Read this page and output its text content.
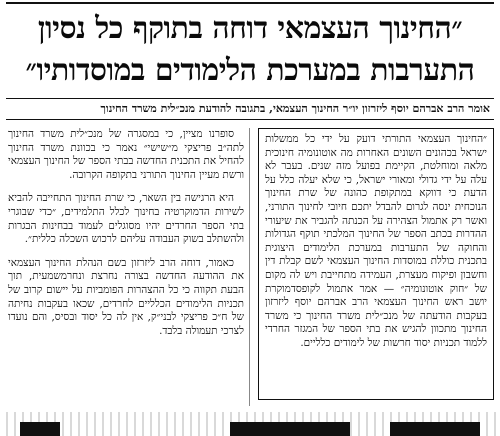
״החינוך העצמאי דוחה בתוקף כל נסיון
התערבות במערכת הלימודים במוסדותיו״
אומר הרב אברהם יוסף ליזרזון יו״ר החינוך העצמאי, בתגובה להודעת מנכ״לית משרד החינוך

״החינוך העצמאי התורתי דועק על ידי כל ממשלות ישראל בכהונים השונים האחרות מה אוטונומיה חינוכית מלאה ומוחלטת, הקיימת בפועל מזה שנים. בעבר לא עלה על ידי גדולי ומאורי ישראל, כי שלא יעלה כלל על הדעת כי דווקא במתקופת כהונה של שרת החינוך הנוכחית ינסה לגרום להבדל יתכם חיובי לחינוך התורני, ואשר רק אתמול הצהירה על הכנתה להגביר את שיעורי ההדרות בכתב הספר של החינוך המלכתי תוקף הגדולות והחוקה של התערבות במערכת הלימודים היצוגית בתכנית כוללת במוסדות החינוך העצמאי לשם קבלת דין וחשבון ופיקוח מעצרת, העמידה מתחייבת ויש לה מקום של ״חוק אוטונומיה״ — אמר אתמול לקופסדמוקרת יושב ראש החינוך העצמאי הרב אברהם יוסף ליזרזון בעקבות הודעתה של מנכ״לית משרד החינוך כי משרד החינוך מתכוון להגיש את בתי הספר של המגזר החרדי ללמוד תכניות יסוד חרשות של לימודים כלליים.

סופרנו מציין, כי במסגרה של מנכ״לית משרד החינוך לתה״ב פריצקי מ״שישי״ נאמר כי בכוונת משרד החינוך להחיל את התכנית החדשה בבתי הספר של החינוך העצמאי ורשת מעיין החינוך התורני בתקופה הקרובה.

היא הרגישה בין השאר, כי שרת החינוך התחייבה להביא לשירות הדמוקרטיה בחינוך לכלל התלמידים, ״כדי שבוגרי בתי הספר החרדים יהיו מסוגלים לעמוד בבחינות הבגרות ולהשתלב בשוק העבודה עליהם לרכוש השכלה כללית״.

כאמור, דוחה הרב ליזרזון בשם הנהלת החינוך העצמאי את ההודעה החדשה בצורה נחרצת ונחרמשמעית, תוך הבעת תקווה כי כל ההצהרות הפומביות על יישום קרוב של תכניות הלימודים הכלליים לחרדים, שכאו בעקבות נחיתה של ח״כ פריצקי לבני״ק, אין לה כל יסוד ובסיס, והם נועדו לצרכי תעמולה בלבד.
